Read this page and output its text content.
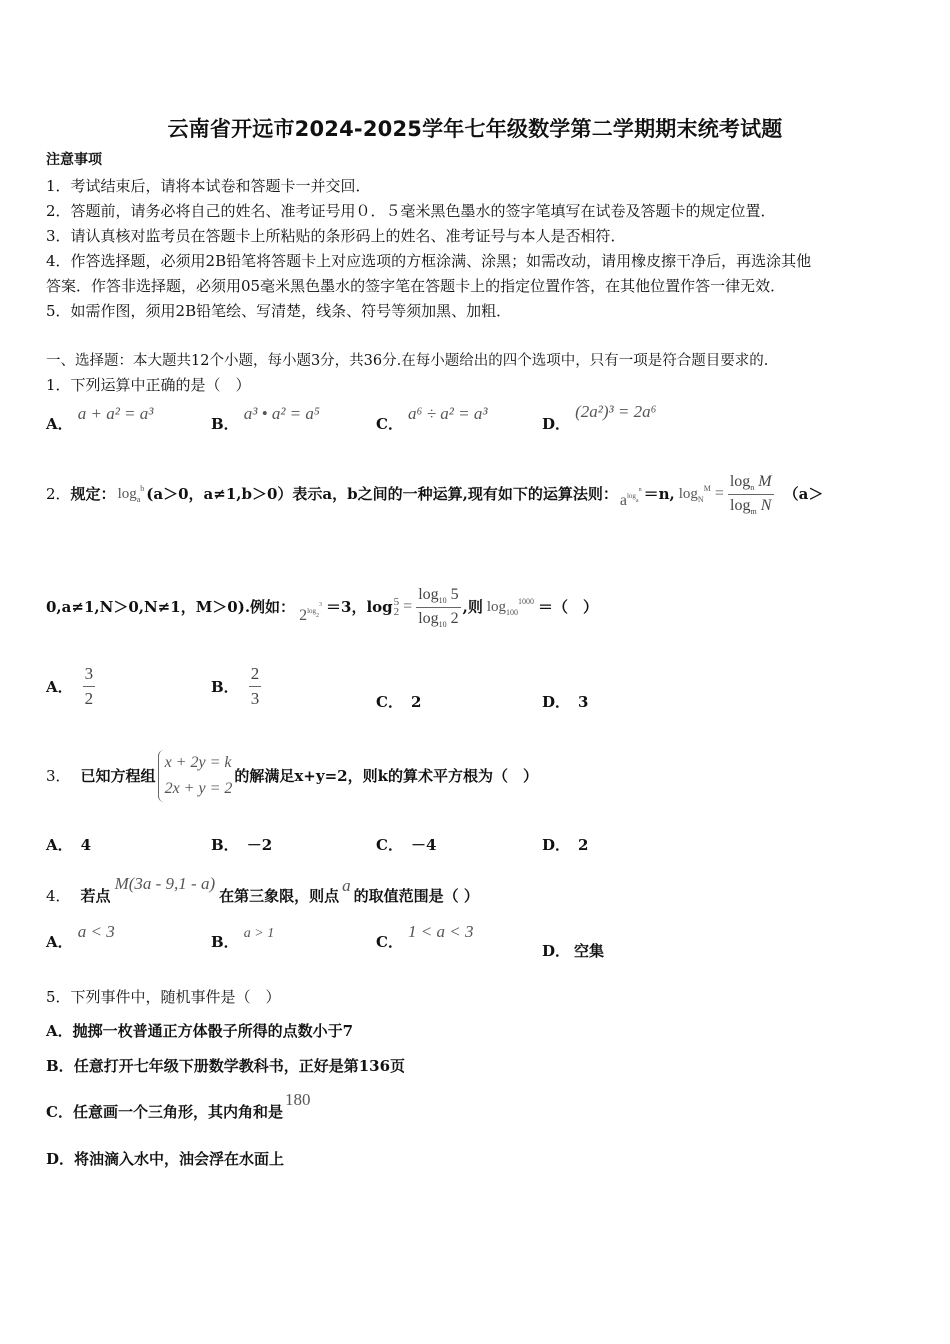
云南省开远市2024-2025学年七年级数学第二学期期末统考试题
注意事项
1．考试结束后，请将本试卷和答题卡一并交回．
2．答题前，请务必将自己的姓名、准考证号用０．５毫米黑色墨水的签字笔填写在试卷及答题卡的规定位置．
3．请认真核对监考员在答题卡上所粘贴的条形码上的姓名、准考证号与本人是否相符．
4．作答选择题，必须用2B铅笔将答题卡上对应选项的方框涂满、涂黑；如需改动，请用橡皮擦干净后，再选涂其他
答案．作答非选择题，必须用05毫米黑色墨水的签字笔在答题卡上的指定位置作答，在其他位置作答一律无效．
5．如需作图，须用2B铅笔绘、写清楚，线条、符号等须加黑、加粗．
一、选择题：本大题共12个小题，每小题3分，共36分.在每小题给出的四个选项中，只有一项是符合题目要求的.
1．下列运算中正确的是（　）
A． a + a² = a³
B． a³ • a² = a⁵
C． a⁶ ÷ a² = a³
D． (2a²)³ = 2a⁶
2． 规定： $\log_a^b (a>0$，a≠1,b＞0）表示a，b之间的一种运算,现有如下的运算法则： $a^{log_a^n} =n$, $\log_N^M = \frac{\log_n M}{\log_m N} (a>$
0,a≠1,N＞0,N≠1，M＞0).例如： $2^{log_2^3} =3$，log 5
$2 = \frac{\log_{10} 5}{\log_{10} 2}$ ,则 $\log_{100}^{1000}$ ＝（　）
A． $\frac{3}{2}$	B． $\frac{2}{3}$	C． 2	D． 3
3． 已知方程组
x + 2y = k
2x + y = 2
的解满足x+y=2，则k的算术平方根为（　）
A． 4	B． －2	C． －4	D． 2
4． 若点
M(3a - 9,1 - a)
在第三象限，则点
a
的取值范围是（ ）
A． a < 3
B． a > 1	C． 1 < a < 3
D． 空集
5．下列事件中，随机事件是（　）
A．抛掷一枚普通正方体骰子所得的点数小于7
B．任意打开七年级下册数学教科书，正好是第136页
C． 任意画一个三角形，其内角和是
180
D．将油滴入水中，油会浮在水面上
